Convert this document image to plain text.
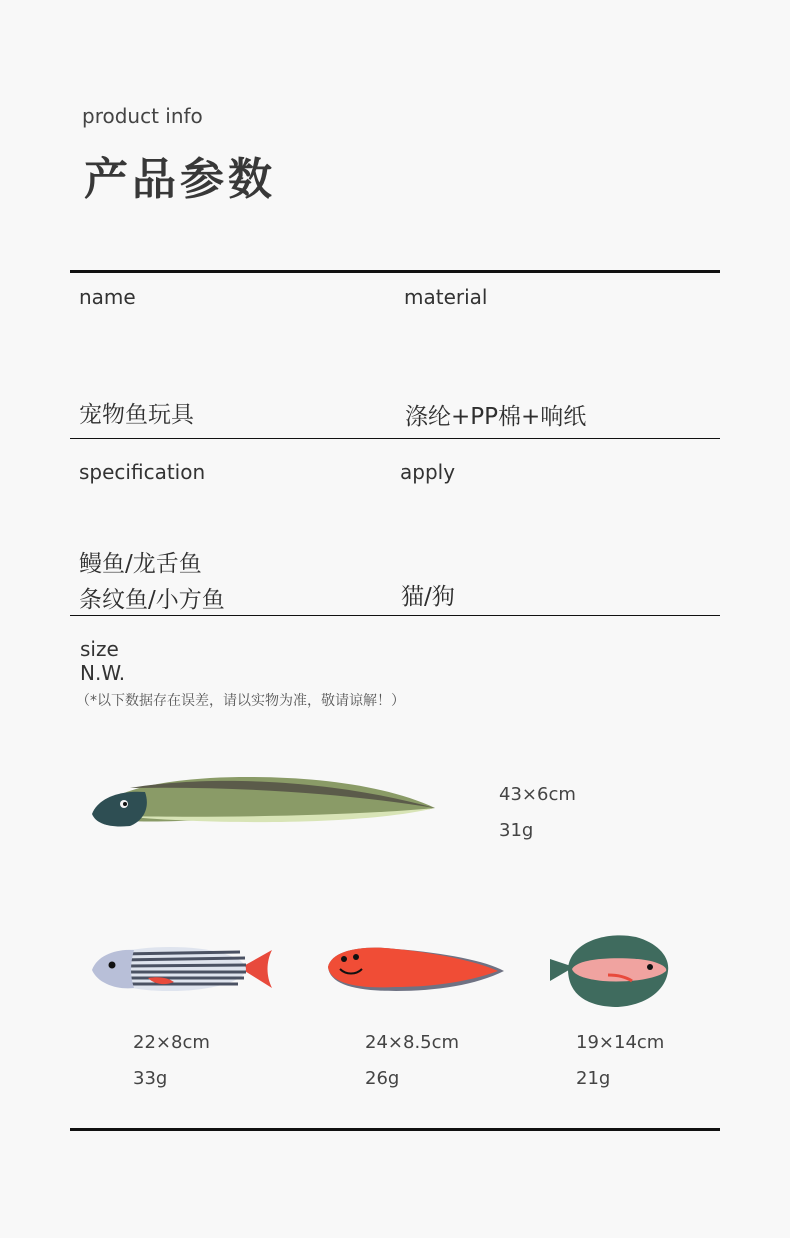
product info
产品参数
name	material
宠物鱼玩具	涤纶+PP棉+响纸
specification	apply
鳗鱼/龙舌鱼
条纹鱼/小方鱼	猫/狗
size
N.W.
（*以下数据存在误差，请以实物为准，敬请谅解！）
43×6cm
31g
22×8cm
33g
24×8.5cm
26g
19×14cm
21g
